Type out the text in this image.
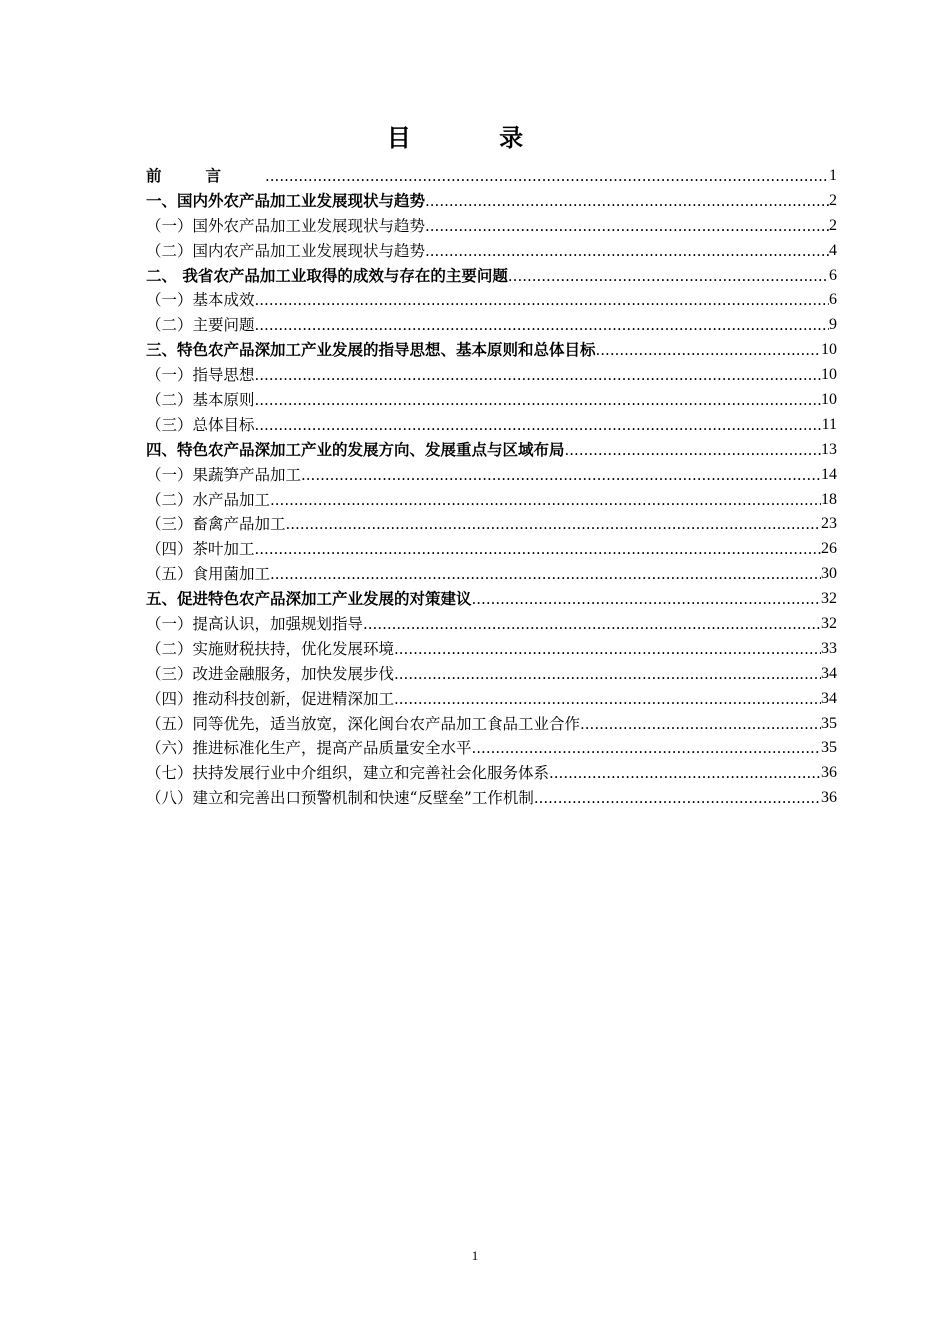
目 录
前言 .....	1
一、国内外农产品加工业发展现状与趋势 .....	2
（一）国外农产品加工业发展现状与趋势 .....	2
（二）国内农产品加工业发展现状与趋势 .....	4
二、 我省农产品加工业取得的成效与存在的主要问题 .....	6
（一）基本成效 .....	6
（二）主要问题 .....	9
三、特色农产品深加工产业发展的指导思想、基本原则和总体目标 .....	10
（一）指导思想 .....	10
（二）基本原则 .....	10
（三）总体目标 .....	11
四、特色农产品深加工产业的发展方向、发展重点与区域布局 .....	13
（一）果蔬笋产品加工 .....	14
（二）水产品加工 .....	18
（三）畜禽产品加工 .....	23
（四）茶叶加工 .....	26
（五）食用菌加工 .....	30
五、促进特色农产品深加工产业发展的对策建议 .....	32
（一）提高认识，加强规划指导 .....	32
（二）实施财税扶持，优化发展环境 .....	33
（三）改进金融服务，加快发展步伐 .....	34
（四）推动科技创新，促进精深加工 .....	34
（五）同等优先，适当放宽，深化闽台农产品加工食品工业合作 .....	35
（六）推进标准化生产，提高产品质量安全水平 .....	35
（七）扶持发展行业中介组织，建立和完善社会化服务体系 .....	36
（八）建立和完善出口预警机制和快速“反壁垒”工作机制 .....	36
1
